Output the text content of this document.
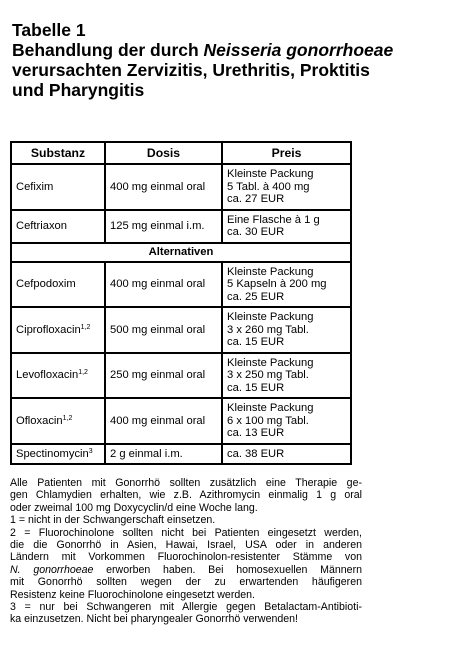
Tabelle 1
Behandlung der durch Neisseria gonorrhoeae
verursachten Zervizitis, Urethritis, Proktitis
und Pharyngitis
Substanz	Dosis	Preis
Cefixim	400 mg einmal oral	Kleinste Packung
5 Tabl. à 400 mg
ca. 27 EUR

Ceftriaxon	125 mg einmal i.m.	Eine Flasche à 1 g
ca. 30 EUR

Alternativen		
Cefpodoxim	400 mg einmal oral	Kleinste Packung
5 Kapseln à 200 mg
ca. 25 EUR

Ciprofloxacin$^{1,2}$	500 mg einmal oral	Kleinste Packung
3 x 260 mg Tabl.
ca. 15 EUR

Levofloxacin$^{1,2}$	250 mg einmal oral	Kleinste Packung
3 x 250 mg Tabl.
ca. 15 EUR

Ofloxacin$^{1,2}$	400 mg einmal oral	Kleinste Packung
6 x 100 mg Tabl.
ca. 13 EUR

Spectinomycin$^3$	2 g einmal i.m.	ca. 38 EUR
Alle Patienten mit Gonorrhö sollten zusätzlich eine Therapie ge-
gen Chlamydien erhalten, wie z.B. Azithromycin einmalig 1 g oral
oder zweimal 100 mg Doxycyclin/d eine Woche lang.
1 = nicht in der Schwangerschaft einsetzen.
2 = Fluorochinolone sollten nicht bei Patienten eingesetzt werden,
die die Gonorrhö in Asien, Hawai, Israel, USA oder in anderen
Ländern mit Vorkommen Fluorochinolon-resistenter Stämme von
N. gonorrhoeae erworben haben. Bei homosexuellen Männern
mit Gonorrhö sollten wegen der zu erwartenden häufigeren
Resistenz keine Fluorochinolone eingesetzt werden.
3 = nur bei Schwangeren mit Allergie gegen Betalactam-Antibioti-
ka einzusetzen. Nicht bei pharyngealer Gonorrhö verwenden!
